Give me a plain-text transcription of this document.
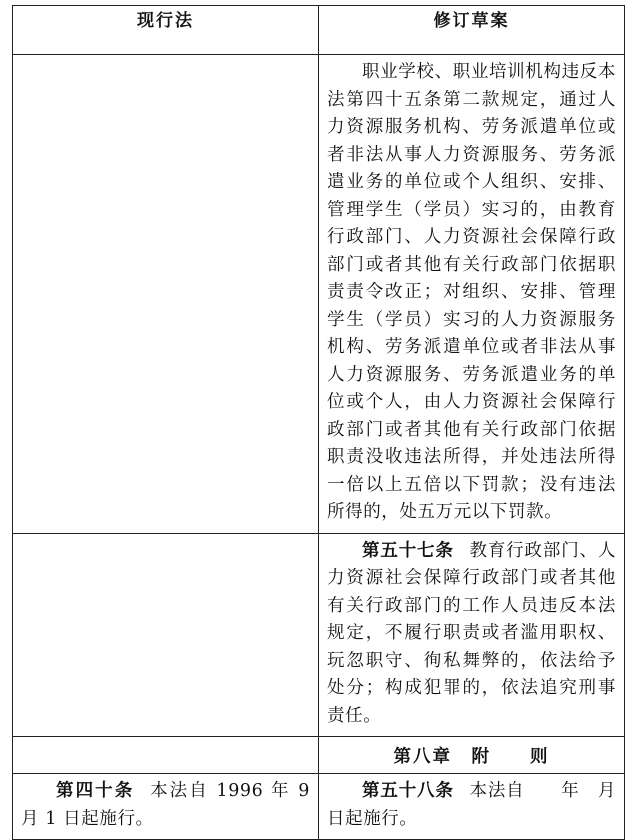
现行法	修订草案

	职业学校、职业培训机构违反本法第四十五条第二款规定，通过人力资源服务机构、劳务派遣单位或者非法从事人力资源服务、劳务派遣业务的单位或个人组织、安排、管理学生（学员）实习的，由教育行政部门、人力资源社会保障行政部门或者其他有关行政部门依据职责责令改正；对组织、安排、管理学生（学员）实习的人力资源服务机构、劳务派遣单位或者非法从事人力资源服务、劳务派遣业务的单位或个人，由人力资源社会保障行政部门或者其他有关行政部门依据职责没收违法所得，并处违法所得一倍以上五倍以下罚款；没有违法所得的，处五万元以下罚款。

	第五十七条 教育行政部门、人力资源社会保障行政部门或者其他有关行政部门的工作人员违反本法规定，不履行职责或者滥用职权、玩忽职守、徇私舞弊的，依法给予处分；构成犯罪的，依法追究刑事责任。

	第八章　附　　则

第四十条 本法自 1996 年 9 月 1 日起施行。	第五十八条 本法自　　年　月　日起施行。
